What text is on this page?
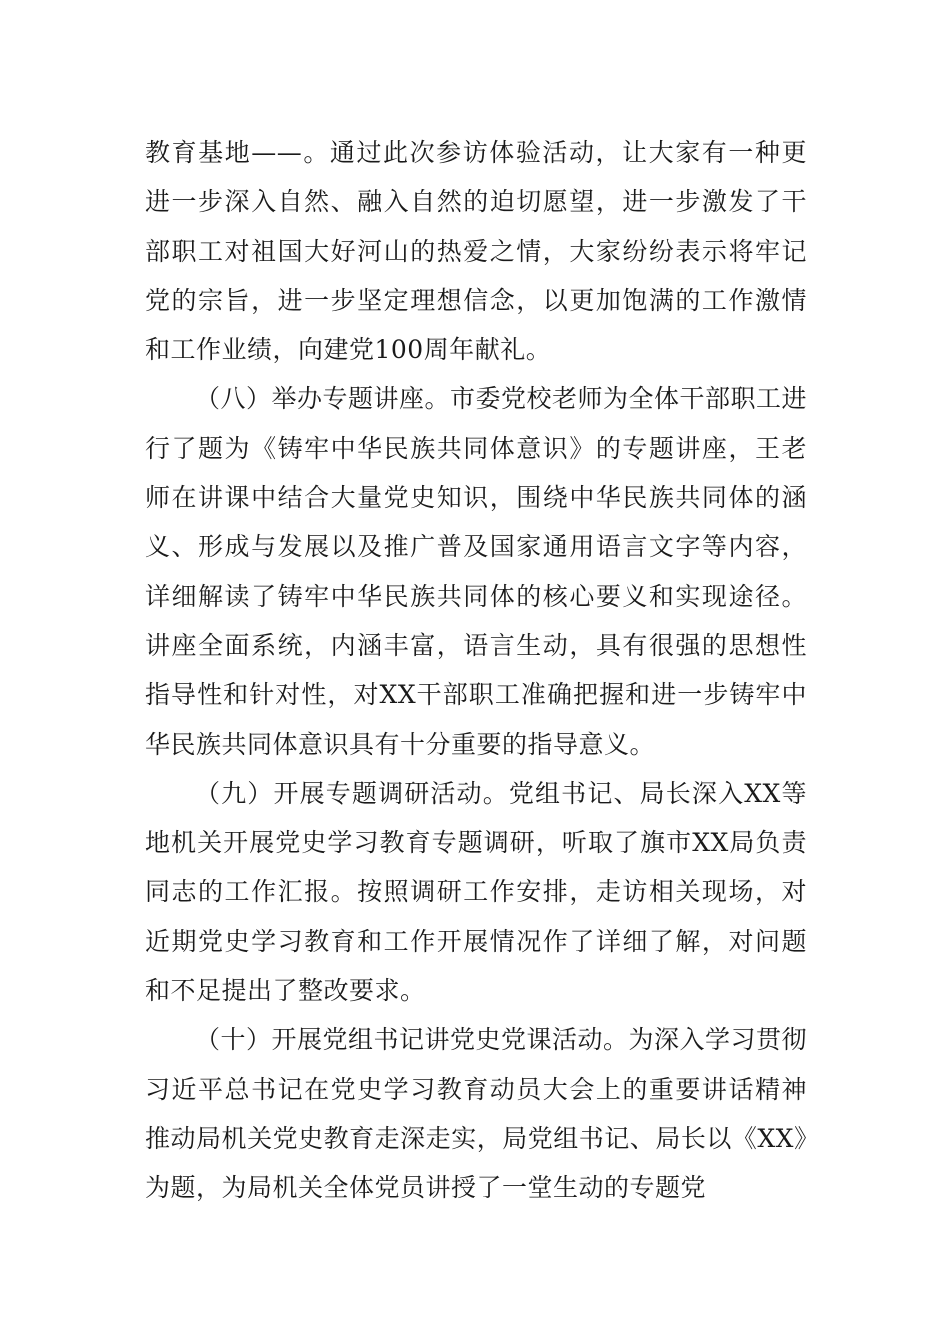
教育基地——。通过此次参访体验活动，让大家有一种更进一步深入自然、融入自然的迫切愿望，进一步激发了干部职工对祖国大好河山的热爱之情，大家纷纷表示将牢记党的宗旨，进一步坚定理想信念，以更加饱满的工作激情和工作业绩，向建党100周年献礼。

（八）举办专题讲座。市委党校老师为全体干部职工进行了题为《铸牢中华民族共同体意识》的专题讲座，王老师在讲课中结合大量党史知识，围绕中华民族共同体的涵义、形成与发展以及推广普及国家通用语言文字等内容，详细解读了铸牢中华民族共同体的核心要义和实现途径。讲座全面系统，内涵丰富，语言生动，具有很强的思想性指导性和针对性，对XX干部职工准确把握和进一步铸牢中华民族共同体意识具有十分重要的指导意义。

（九）开展专题调研活动。党组书记、局长深入XX等地机关开展党史学习教育专题调研，听取了旗市XX局负责同志的工作汇报。按照调研工作安排，走访相关现场，对近期党史学习教育和工作开展情况作了详细了解，对问题和不足提出了整改要求。

（十）开展党组书记讲党史党课活动。为深入学习贯彻习近平总书记在党史学习教育动员大会上的重要讲话精神推动局机关党史教育走深走实，局党组书记、局长以《XX》为题，为局机关全体党员讲授了一堂生动的专题党
